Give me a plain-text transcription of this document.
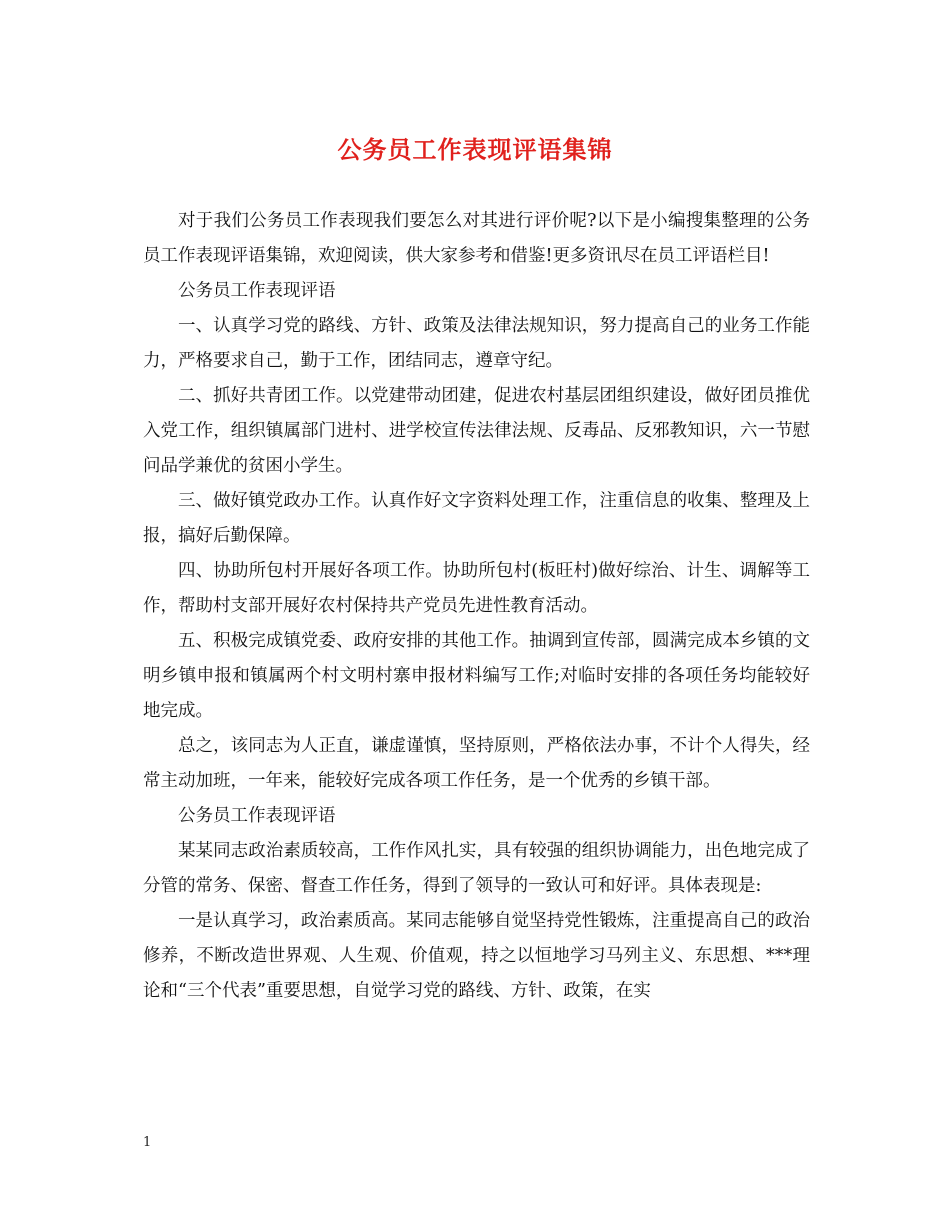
公务员工作表现评语集锦

对于我们公务员工作表现我们要怎么对其进行评价呢?以下是小编搜集整理的公务员工作表现评语集锦，欢迎阅读，供大家参考和借鉴!更多资讯尽在员工评语栏目!

公务员工作表现评语

一、认真学习党的路线、方针、政策及法律法规知识，努力提高自己的业务工作能力，严格要求自己，勤于工作，团结同志，遵章守纪。

二、抓好共青团工作。以党建带动团建，促进农村基层团组织建设，做好团员推优入党工作，组织镇属部门进村、进学校宣传法律法规、反毒品、反邪教知识，六一节慰问品学兼优的贫困小学生。

三、做好镇党政办工作。认真作好文字资料处理工作，注重信息的收集、整理及上报，搞好后勤保障。

四、协助所包村开展好各项工作。协助所包村(板旺村)做好综治、计生、调解等工作，帮助村支部开展好农村保持共产党员先进性教育活动。

五、积极完成镇党委、政府安排的其他工作。抽调到宣传部，圆满完成本乡镇的文明乡镇申报和镇属两个村文明村寨申报材料编写工作;对临时安排的各项任务均能较好地完成。

总之，该同志为人正直，谦虚谨慎，坚持原则，严格依法办事，不计个人得失，经常主动加班，一年来，能较好完成各项工作任务，是一个优秀的乡镇干部。

公务员工作表现评语

某某同志政治素质较高，工作作风扎实，具有较强的组织协调能力，出色地完成了分管的常务、保密、督查工作任务，得到了领导的一致认可和好评。具体表现是:

一是认真学习，政治素质高。某同志能够自觉坚持党性锻炼，注重提高自己的政治修养，不断改造世界观、人生观、价值观，持之以恒地学习马列主义、东思想、***理论和“三个代表”重要思想，自觉学习党的路线、方针、政策，在实

1
